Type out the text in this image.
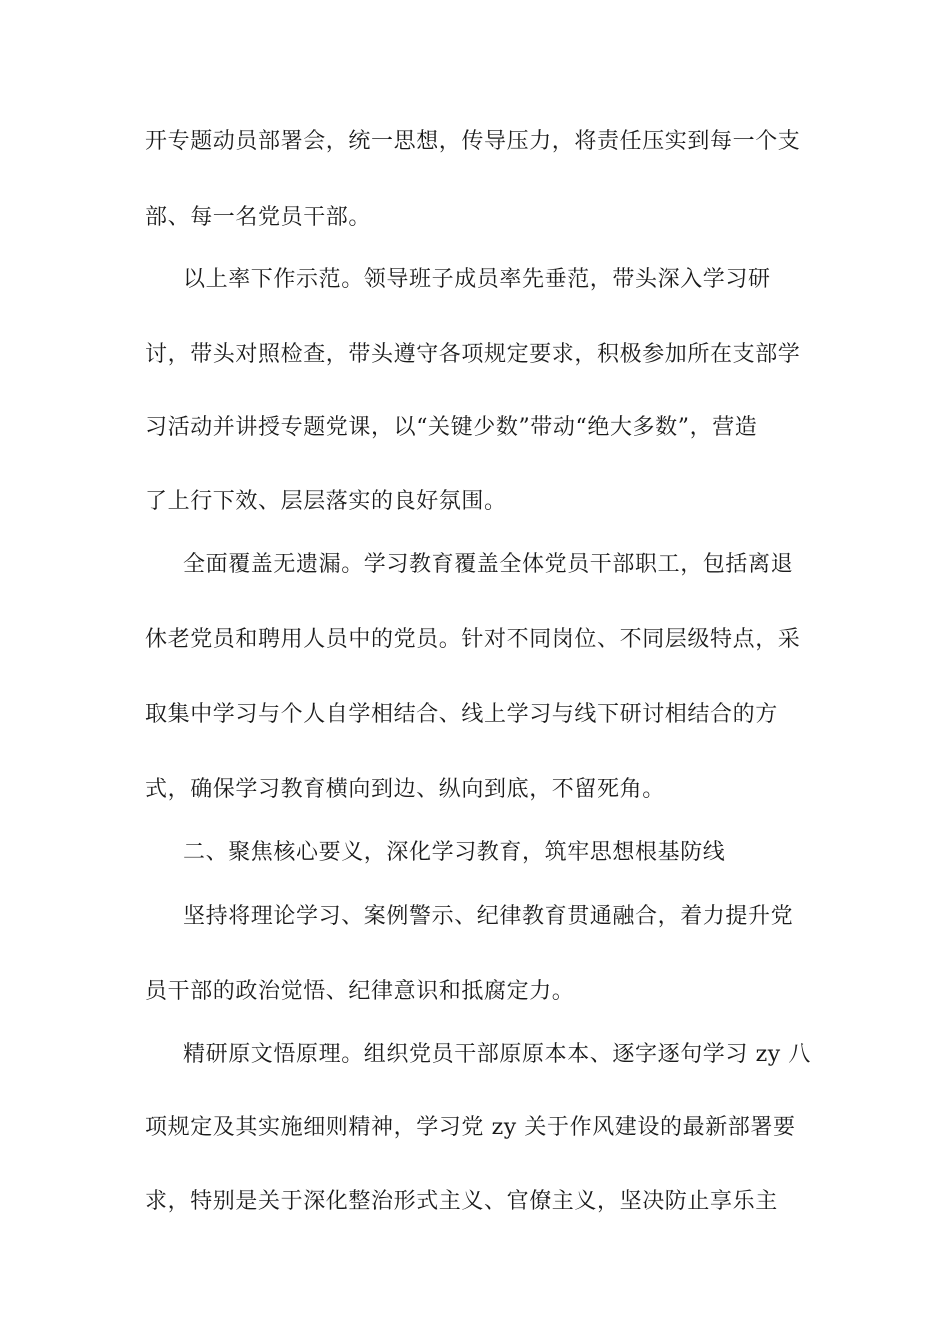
开专题动员部署会，统一思想，传导压力，将责任压实到每一个支
部、每一名党员干部。
以上率下作示范。领导班子成员率先垂范，带头深入学习研
讨，带头对照检查，带头遵守各项规定要求，积极参加所在支部学
习活动并讲授专题党课，以“关键少数”带动“绝大多数”，营造
了上行下效、层层落实的良好氛围。
全面覆盖无遗漏。学习教育覆盖全体党员干部职工，包括离退
休老党员和聘用人员中的党员。针对不同岗位、不同层级特点，采
取集中学习与个人自学相结合、线上学习与线下研讨相结合的方
式，确保学习教育横向到边、纵向到底，不留死角。
二、聚焦核心要义，深化学习教育，筑牢思想根基防线
坚持将理论学习、案例警示、纪律教育贯通融合，着力提升党
员干部的政治觉悟、纪律意识和抵腐定力。
精研原文悟原理。组织党员干部原原本本、逐字逐句学习 zy 八
项规定及其实施细则精神，学习党 zy 关于作风建设的最新部署要
求，特别是关于深化整治形式主义、官僚主义，坚决防止享乐主
